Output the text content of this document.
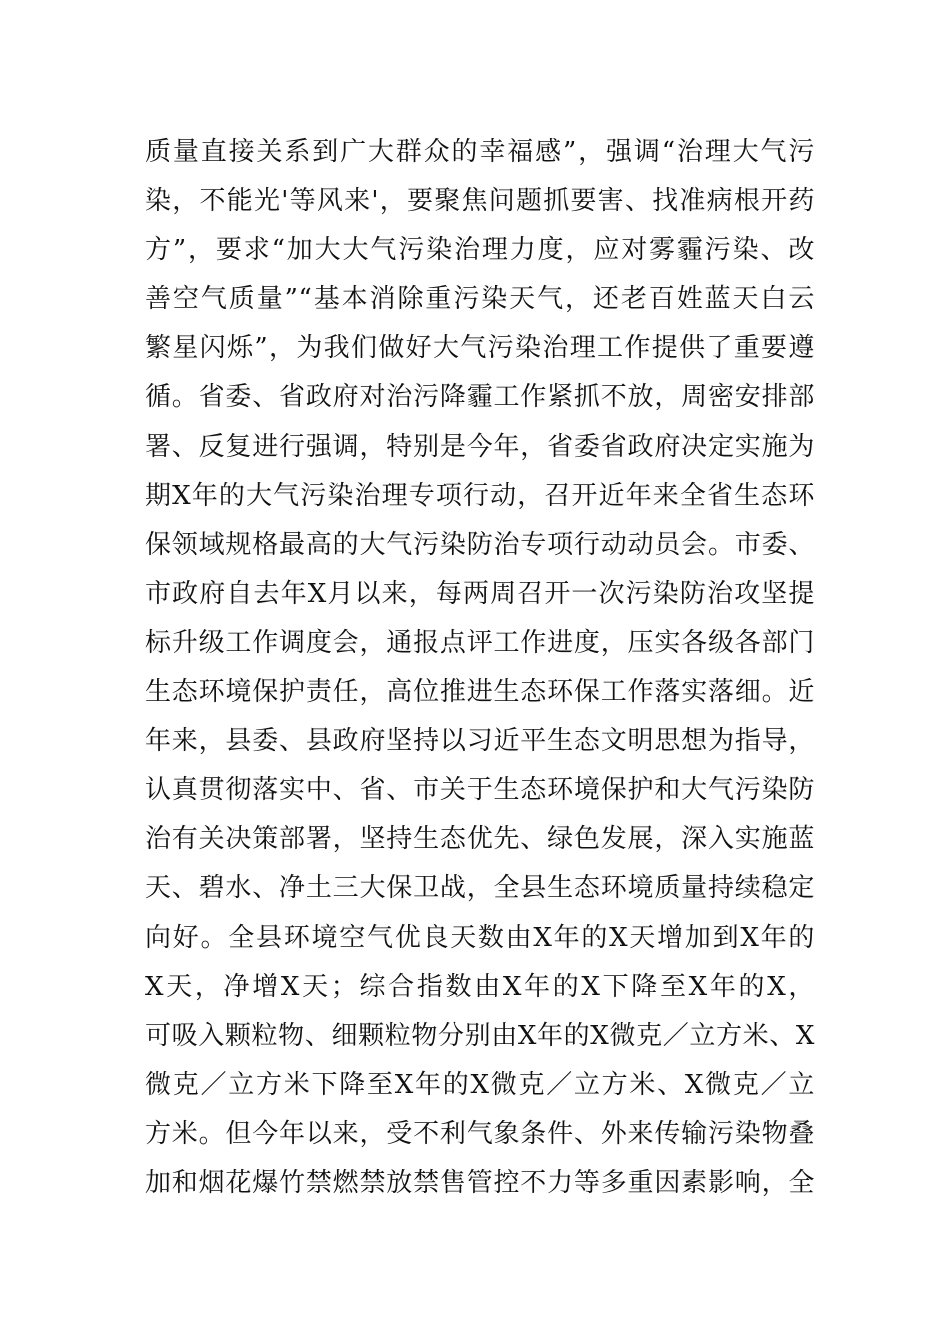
质量直接关系到广大群众的幸福感”，强调“治理大气污
染，不能光'等风来'，要聚焦问题抓要害、找准病根开药
方”，要求“加大大气污染治理力度，应对雾霾污染、改
善空气质量”“基本消除重污染天气，还老百姓蓝天白云
繁星闪烁”，为我们做好大气污染治理工作提供了重要遵
循。省委、省政府对治污降霾工作紧抓不放，周密安排部
署、反复进行强调，特别是今年，省委省政府决定实施为
期X年的大气污染治理专项行动，召开近年来全省生态环
保领域规格最高的大气污染防治专项行动动员会。市委、
市政府自去年X月以来，每两周召开一次污染防治攻坚提
标升级工作调度会，通报点评工作进度，压实各级各部门
生态环境保护责任，高位推进生态环保工作落实落细。近
年来，县委、县政府坚持以习近平生态文明思想为指导，
认真贯彻落实中、省、市关于生态环境保护和大气污染防
治有关决策部署，坚持生态优先、绿色发展，深入实施蓝
天、碧水、净土三大保卫战，全县生态环境质量持续稳定
向好。全县环境空气优良天数由X年的X天增加到X年的
X天，净增X天；综合指数由X年的X下降至X年的X，
可吸入颗粒物、细颗粒物分别由X年的X微克／立方米、X
微克／立方米下降至X年的X微克／立方米、X微克／立
方米。但今年以来，受不利气象条件、外来传输污染物叠
加和烟花爆竹禁燃禁放禁售管控不力等多重因素影响，全
